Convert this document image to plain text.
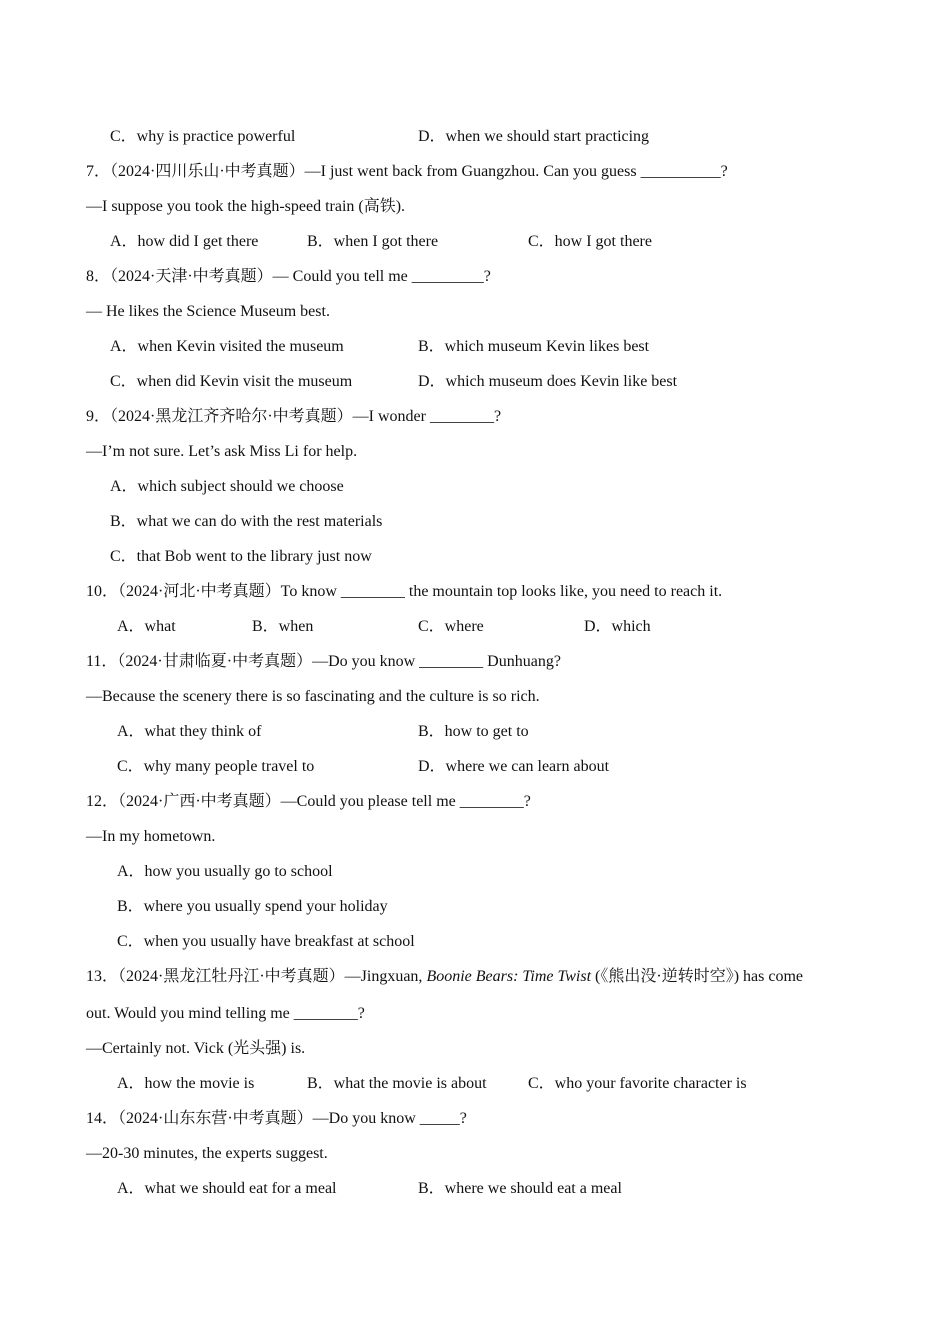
C．why is practice powerful	D．when we should start practicing
7．（2024·四川乐山·中考真题）—I just went back from Guangzhou. Can you guess __________?
—I suppose you took the high-speed train (高铁).
A．how did I get there	B．when I got there	C．how I got there
8．（2024·天津·中考真题）— Could you tell me _________?
— He likes the Science Museum best.
A．when Kevin visited the museum	B．which museum Kevin likes best
C．when did Kevin visit the museum	D．which museum does Kevin like best
9．（2024·黑龙江齐齐哈尔·中考真题）—I wonder ________?
—I’m not sure. Let’s ask Miss Li for help.
A．which subject should we choose
B．what we can do with the rest materials
C．that Bob went to the library just now
10．（2024·河北·中考真题）To know ________ the mountain top looks like, you need to reach it.
A．what	B．when	C．where	D．which
11．（2024·甘肃临夏·中考真题）—Do you know ________ Dunhuang?
—Because the scenery there is so fascinating and the culture is so rich.
A．what they think of	B．how to get to
C．why many people travel to	D．where we can learn about
12．（2024·广西·中考真题）—Could you please tell me ________?
—In my hometown.
A．how you usually go to school
B．where you usually spend your holiday
C．when you usually have breakfast at school
13．（2024·黑龙江牡丹江·中考真题）—Jingxuan, Boonie Bears: Time Twist (《熊出没·逆转时空》) has come
out. Would you mind telling me ________?
—Certainly not. Vick (光头强) is.
A．how the movie is	B．what the movie is about	C．who your favorite character is
14．（2024·山东东营·中考真题）—Do you know _____?
—20-30 minutes, the experts suggest.
A．what we should eat for a meal	B．where we should eat a meal
